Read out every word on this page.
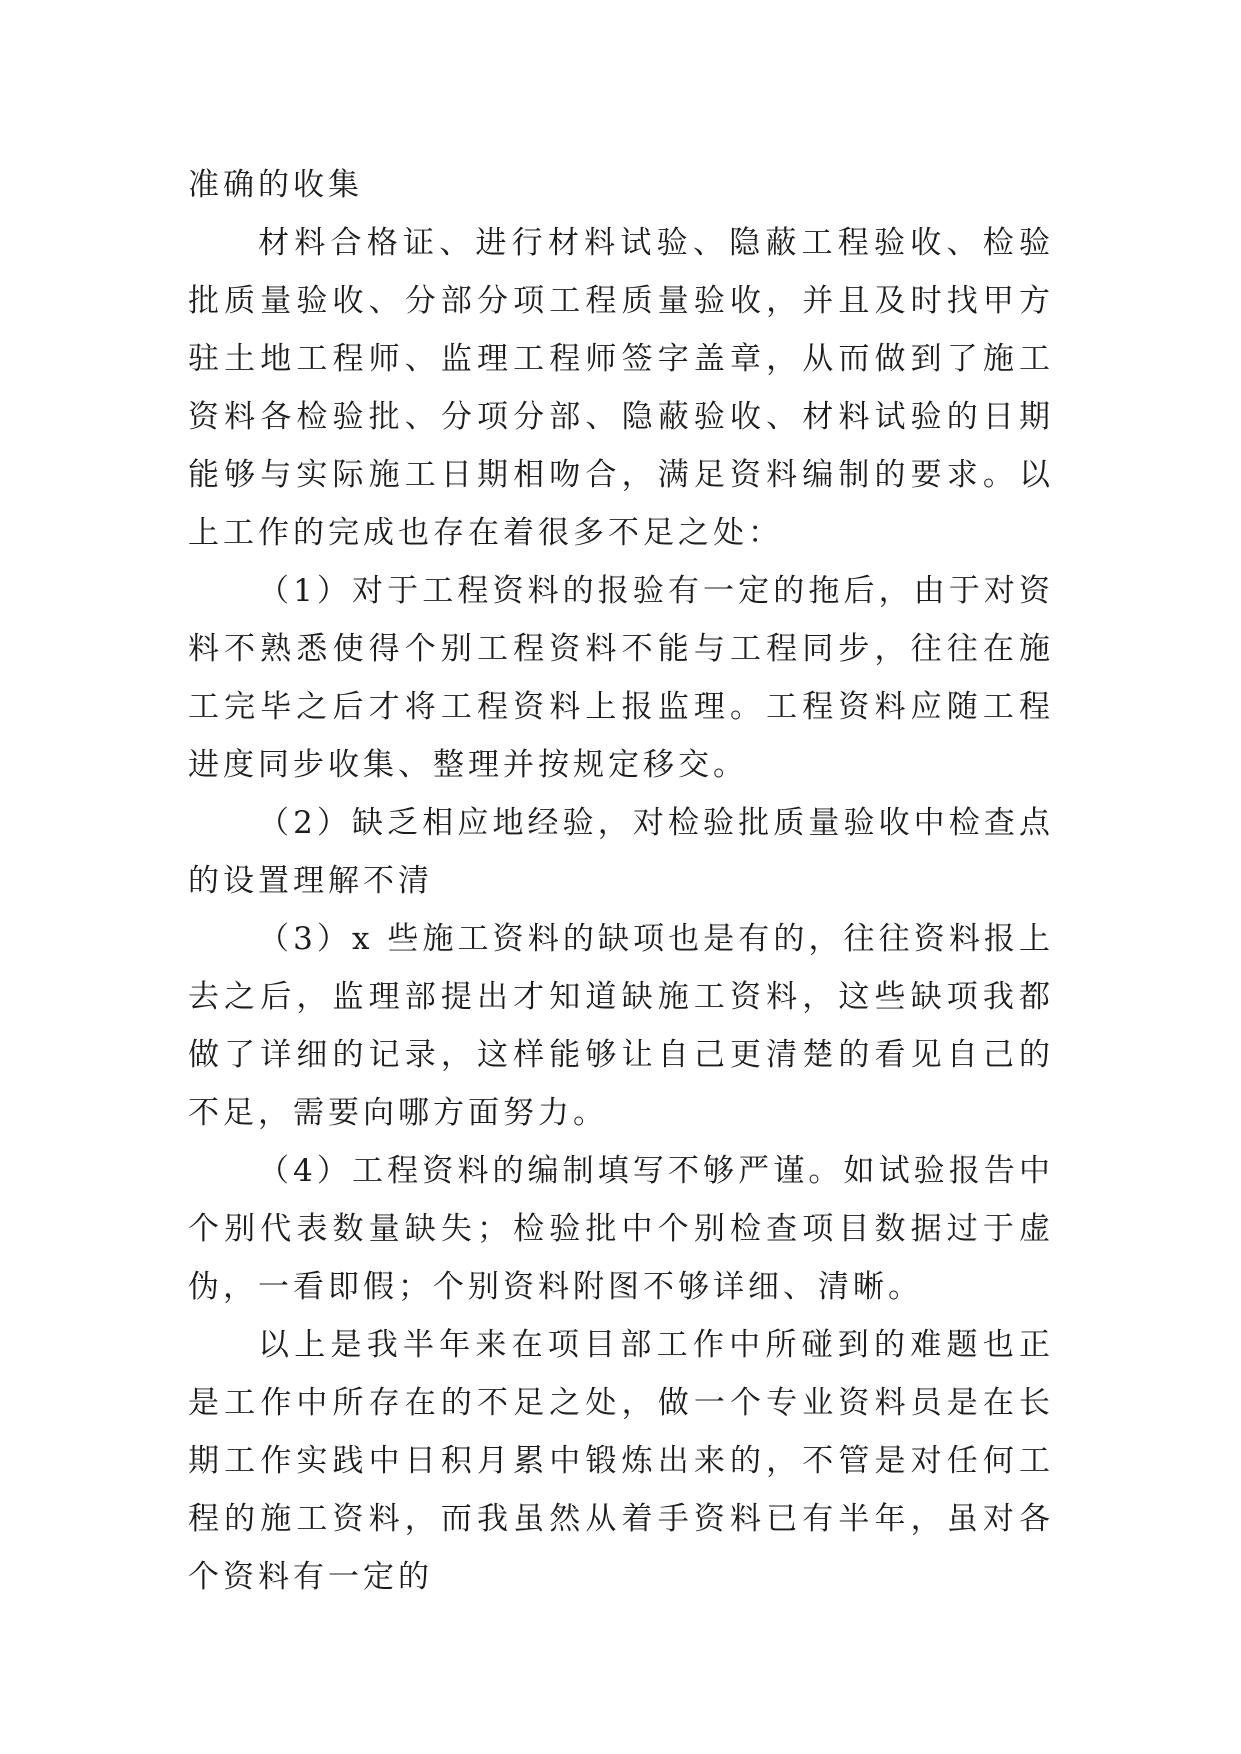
准确的收集

材料合格证、进行材料试验、隐蔽工程验收、检验批质量验收、分部分项工程质量验收，并且及时找甲方驻土地工程师、监理工程师签字盖章，从而做到了施工资料各检验批、分项分部、隐蔽验收、材料试验的日期能够与实际施工日期相吻合，满足资料编制的要求。以上工作的完成也存在着很多不足之处：

（1）对于工程资料的报验有一定的拖后，由于对资料不熟悉使得个别工程资料不能与工程同步，往往在施工完毕之后才将工程资料上报监理。工程资料应随工程进度同步收集、整理并按规定移交。

（2）缺乏相应地经验，对检验批质量验收中检查点的设置理解不清

（3）x 些施工资料的缺项也是有的，往往资料报上去之后，监理部提出才知道缺施工资料，这些缺项我都做了详细的记录，这样能够让自己更清楚的看见自己的不足，需要向哪方面努力。

（4）工程资料的编制填写不够严谨。如试验报告中个别代表数量缺失；检验批中个别检查项目数据过于虚伪，一看即假；个别资料附图不够详细、清晰。

以上是我半年来在项目部工作中所碰到的难题也正是工作中所存在的不足之处，做一个专业资料员是在长期工作实践中日积月累中锻炼出来的，不管是对任何工程的施工资料，而我虽然从着手资料已有半年，虽对各个资料有一定的
